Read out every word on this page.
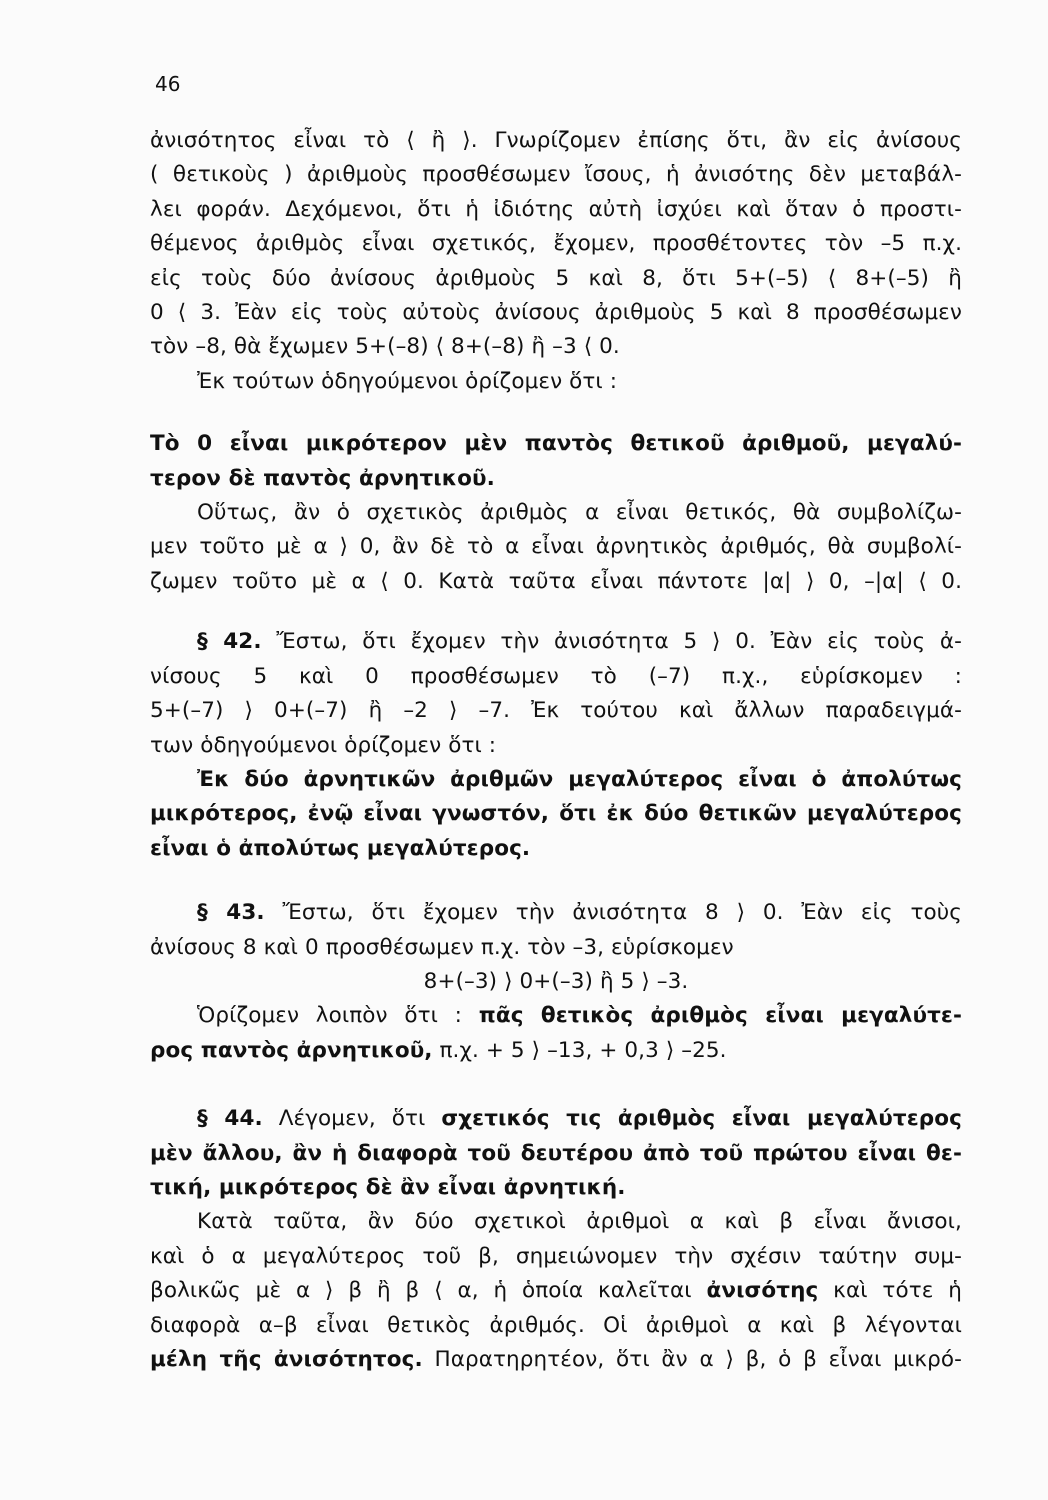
46
ἀνισότητος εἶναι τὸ ⟨ ἢ ⟩. Γνωρίζομεν ἐπίσης ὅτι, ἂν εἰς ἀνίσους
( θετικοὺς ) ἀριθμοὺς προσθέσωμεν ἴσους, ἡ ἀνισότης δὲν μεταβάλ-
λει φοράν. Δεχόμενοι, ὅτι ἡ ἰδιότης αὐτὴ ἰσχύει καὶ ὅταν ὁ προστι-
θέμενος ἀριθμὸς εἶναι σχετικός, ἔχομεν, προσθέτοντες τὸν –5 π.χ.
εἰς τοὺς δύο ἀνίσους ἀριθμοὺς 5 καὶ 8, ὅτι 5+(–5) ⟨ 8+(–5) ἢ
0 ⟨ 3. Ἐὰν εἰς τοὺς αὐτοὺς ἀνίσους ἀριθμοὺς 5 καὶ 8 προσθέσωμεν
τὸν –8, θὰ ἔχωμεν 5+(–8) ⟨ 8+(–8) ἢ –3 ⟨ 0.
Ἐκ τούτων ὁδηγούμενοι ὁρίζομεν ὅτι :
Τὸ 0 εἶναι μικρότερον μὲν παντὸς θετικοῦ ἀριθμοῦ, μεγαλύ-
τερον δὲ παντὸς ἀρνητικοῦ.
Οὕτως, ἂν ὁ σχετικὸς ἀριθμὸς α εἶναι θετικός, θὰ συμβολίζω-
μεν τοῦτο μὲ α ⟩ 0, ἂν δὲ τὸ α εἶναι ἀρνητικὸς ἀριθμός, θὰ συμβολί-
ζωμεν τοῦτο μὲ α ⟨ 0. Κατὰ ταῦτα εἶναι πάντοτε |α| ⟩ 0, –|α| ⟨ 0.
§ 42. Ἔστω, ὅτι ἔχομεν τὴν ἀνισότητα 5 ⟩ 0. Ἐὰν εἰς τοὺς ἀ-
νίσους 5 καὶ 0 προσθέσωμεν τὸ (–7) π.χ., εὑρίσκομεν :
5+(–7) ⟩ 0+(–7) ἢ –2 ⟩ –7. Ἐκ τούτου καὶ ἄλλων παραδειγμά-
των ὁδηγούμενοι ὁρίζομεν ὅτι :
Ἐκ δύο ἀρνητικῶν ἀριθμῶν μεγαλύτερος εἶναι ὁ ἀπολύτως
μικρότερος, ἐνῷ εἶναι γνωστόν, ὅτι ἐκ δύο θετικῶν μεγαλύτερος
εἶναι ὁ ἀπολύτως μεγαλύτερος.
§ 43. Ἔστω, ὅτι ἔχομεν τὴν ἀνισότητα 8 ⟩ 0. Ἐὰν εἰς τοὺς
ἀνίσους 8 καὶ 0 προσθέσωμεν π.χ. τὸν –3, εὑρίσκομεν
8+(–3) ⟩ 0+(–3) ἢ 5 ⟩ –3.
Ὁρίζομεν λοιπὸν ὅτι : πᾶς θετικὸς ἀριθμὸς εἶναι μεγαλύτε-
ρος παντὸς ἀρνητικοῦ, π.χ. + 5 ⟩ –13, + 0,3 ⟩ –25.
§ 44. Λέγομεν, ὅτι σχετικός τις ἀριθμὸς εἶναι μεγαλύτερος
μὲν ἄλλου, ἂν ἡ διαφορὰ τοῦ δευτέρου ἀπὸ τοῦ πρώτου εἶναι θε-
τική, μικρότερος δὲ ἂν εἶναι ἀρνητική.
Κατὰ ταῦτα, ἂν δύο σχετικοὶ ἀριθμοὶ α καὶ β εἶναι ἄνισοι,
καὶ ὁ α μεγαλύτερος τοῦ β, σημειώνομεν τὴν σχέσιν ταύτην συμ-
βολικῶς μὲ α ⟩ β ἢ β ⟨ α, ἡ ὁποία καλεῖται ἀνισότης καὶ τότε ἡ
διαφορὰ α–β εἶναι θετικὸς ἀριθμός. Οἱ ἀριθμοὶ α καὶ β λέγονται
μέλη τῆς ἀνισότητος. Παρατηρητέον, ὅτι ἂν α ⟩ β, ὁ β εἶναι μικρό-
